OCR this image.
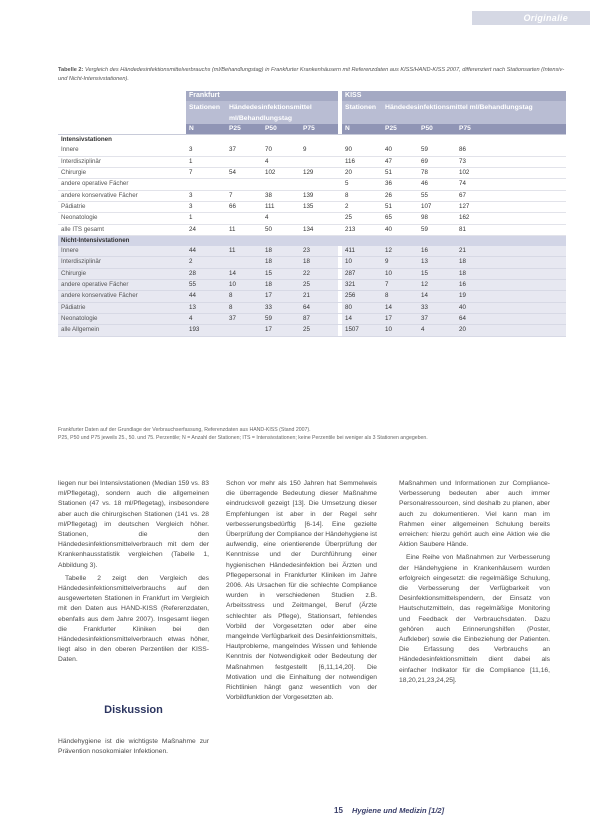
Originalie
Tabelle 2: Vergleich des Händedesinfektionsmittelverbrauchs (ml/Behandlungstag) in Frankfurter Krankenhäusern mit Referenzdaten aus KISS/HAND-KISS 2007, differenziert nach Stationsarten (Intensiv- und Nicht-Intensivstationen).
	Frankfurt					KISS				
	Stationen	Händedesinfektionsmittel ml/Behandlungstag				Stationen	Händedesinfektionsmittel ml/Behandlungstag			
	N	P25	P50	P75		N	P25	P50	P75	
Intensivstationen										
Innere	3	37	70	9		90	40	59	86	
Interdisziplinär	1		4			116	47	69	73	
Chirurgie	7	54	102	129		20	51	78	102	
andere operative Fächer						5	36	46	74	
andere konservative Fächer	3	7	38	139		8	26	55	67	
Pädiatrie	3	66	111	135		2	51	107	127	
Neonatologie	1		4			25	65	98	162	
alle ITS gesamt	24	11	50	134		213	40	59	81	
Nicht-Intensivstationen										
Innere	44	11	18	23		411	12	16	21	
Interdisziplinär	2		18	18		10	9	13	18	
Chirurgie	28	14	15	22		287	10	15	18	
andere operative Fächer	55	10	18	25		321	7	12	16	
andere konservative Fächer	44	8	17	21		256	8	14	19	
Pädiatrie	13	8	33	64		80	14	33	40	
Neonatologie	4	37	59	87		14	17	37	64	
alle Allgemein	193		17	25		1507	10	4	20	
Frankfurter Daten auf der Grundlage der Verbrauchserfassung, Referenzdaten aus HAND-KISS (Stand 2007).
P25, P50 und P75 jeweils 25., 50. und 75. Perzentile; N = Anzahl der Stationen; ITS = Intensivstationen; keine Perzentile bei weniger als 3 Stationen angegeben.

liegen nur bei Intensivstationen (Median 159 vs. 83 ml/Pflegetag), sondern auch die allgemeinen Stationen (47 vs. 18 ml/Pflegetag), insbesondere aber auch die chirurgischen Stationen (141 vs. 28 ml/Pflegetag) im deutschen Vergleich höher. Stationen, die den Händedesinfektionsmittelverbrauch mit dem der Krankenhausstatistik vergleichen (Tabelle 1, Abbildung 3).

Tabelle 2 zeigt den Vergleich des Händedesinfektionsmittelverbrauchs auf den ausgewerteten Stationen in Frankfurt im Vergleich mit den Daten aus HAND-KISS (Referenzdaten, ebenfalls aus dem Jahre 2007). Insgesamt liegen die Frankfurter Kliniken bei den Händedesinfektionsmittelverbrauch etwas höher, liegt also in den oberen Perzentilen der KISS-Daten.

Diskussion

Händehygiene ist die wichtigste Maßnahme zur Prävention nosokomialer Infektionen.

Schon vor mehr als 150 Jahren hat Semmelweis die überragende Bedeutung dieser Maßnahme eindrucksvoll gezeigt [13]. Die Umsetzung dieser Empfehlungen ist aber in der Regel sehr verbesserungsbedürftig [6-14]. Eine gezielte Überprüfung der Compliance der Händehygiene ist aufwendig, eine orientierende Überprüfung der Kenntnisse und der Durchführung einer hygienischen Händedesinfektion bei Ärzten und Pflegepersonal in Frankfurter Kliniken im Jahre 2006. Als Ursachen für die schlechte Compliance wurden in verschiedenen Studien z.B. Arbeitsstress und Zeitmangel, Beruf (Ärzte schlechter als Pflege), Stationsart, fehlendes Vorbild der Vorgesetzten oder aber eine mangelnde Verfügbarkeit des Desinfektionsmittels, Hautprobleme, mangelndes Wissen und fehlende Kenntnis der Notwendigkeit oder Bedeutung der Maßnahmen festgestellt [6,11,14,20]. Die Motivation und die Einhaltung der notwendigen Richtlinien hängt ganz wesentlich von der Vorbildfunktion der Vorgesetzten ab.

Maßnahmen und Informationen zur Compliance-Verbesserung bedeuten aber auch immer Personalressourcen, sind deshalb zu planen, aber auch zu dokumentieren. Viel kann man im Rahmen einer allgemeinen Schulung bereits erreichen: hierzu gehört auch eine Aktion wie die Aktion Saubere Hände.

Eine Reihe von Maßnahmen zur Verbesserung der Händehygiene in Krankenhäusern wurden erfolgreich eingesetzt: die regelmäßige Schulung, die Verbesserung der Verfügbarkeit von Desinfektionsmittelspendern, der Einsatz von Hautschutzmitteln, das regelmäßige Monitoring und Feedback der Verbrauchsdaten. Dazu gehören auch Erinnerungshilfen (Poster, Aufkleber) sowie die Einbeziehung der Patienten. Die Erfassung des Verbrauchs an Händedesinfektionsmitteln dient dabei als einfacher Indikator für die Compliance [11,16, 18,20,21,23,24,25].

15 Hygiene und Medizin [1/2]
